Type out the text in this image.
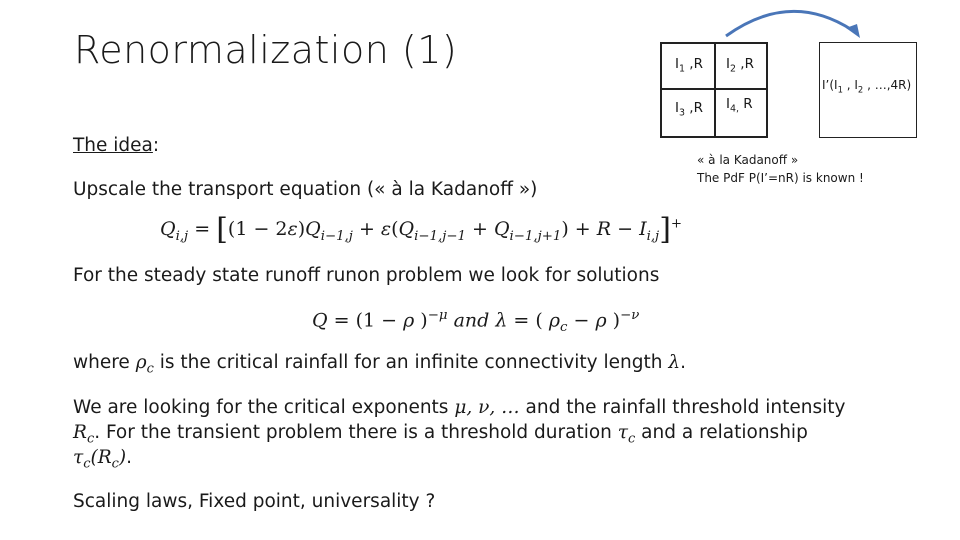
Renormalization (1)	$I_1$ ,R $I_2$ ,R
$I_3$ ,R $I_{4,}$ R
$I’(I_1$ , $I_2$ , …,4R)
« à la Kadanoff »
The PdF P(I’=nR) is known !
The idea:
Upscale the transport equation (« à la Kadanoff »)
$Q_{i,j} = [(1 - 2\varepsilon)Q_{i-1,j} + \varepsilon(Q_{i-1,j-1} + Q_{i-1,j+1}) + R - I_{i,j}]^+$
For the steady state runoff runon problem we look for solutions
Q = (1 − ρ )$^{-\mu}$ and λ = ( $\rho_c - \rho$ )$^{-\nu}$
where $\rho_c$ is the critical rainfall for an infinite connectivity length λ.
We are looking for the critical exponents μ, ν, … and the rainfall threshold intensity
$R_c$. For the transient problem there is a threshold duration $\tau_c$ and a relationship
$\tau_c(R_c)$.
Scaling laws, Fixed point, universality ?
